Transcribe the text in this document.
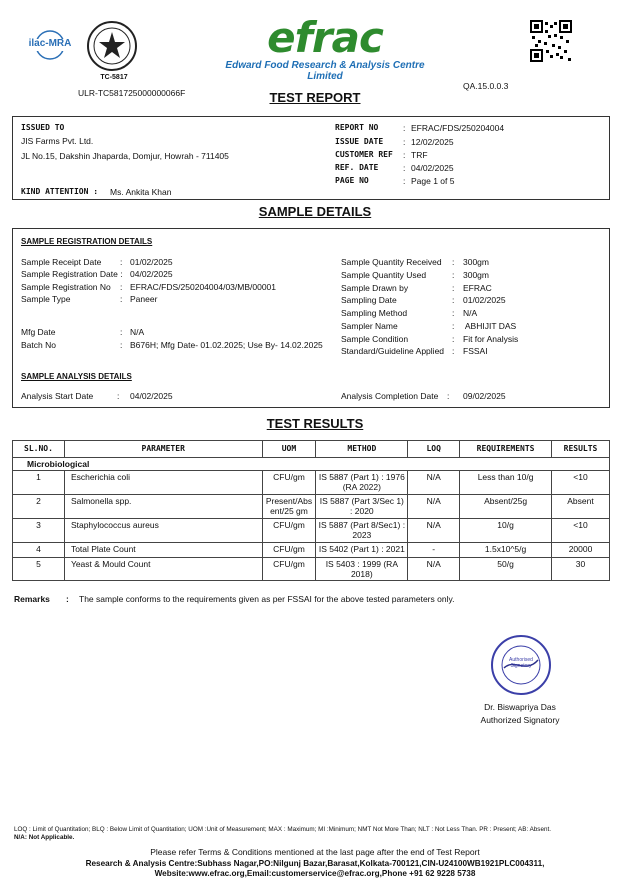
ilac-MRA
TC-5817
ULR-TC581725000000066F
efrac
Edward Food Research & Analysis Centre Limited
QA.15.0.0.3
TEST REPORT
ISSUED TO
JIS Farms Pvt. Ltd.
JL No.15, Dakshin Jhaparda, Domjur, Howrah - 711405
KIND ATTENTION : Ms. Ankita Khan
REPORT NO	: EFRAC/FDS/250204004
ISSUE DATE : 12/02/2025
CUSTOMER REF : TRF
REF. DATE	: 04/02/2025
PAGE NO	: Page 1 of 5
SAMPLE DETAILS
SAMPLE REGISTRATION DETAILS
Sample Receipt Date : 01/02/2025
Sample Registration Date : 04/02/2025
Sample Registration No : EFRAC/FDS/250204004/03/MB/00001
Sample Type	: Paneer
Mfg Date	: N/A
Batch No	: B676H; Mfg Date- 01.02.2025; Use By- 14.02.2025
Sample Quantity Received : 300gm
Sample Quantity Used	: 300gm
Sample Drawn by	: EFRAC
Sampling Date	: 01/02/2025
Sampling Method	: N/A
Sampler Name	: ABHIJIT DAS
Sample Condition	: Fit for Analysis
Standard/Guideline Applied : FSSAI
SAMPLE ANALYSIS DETAILS
Analysis Start Date	: 04/02/2025	Analysis Completion Date : 09/02/2025
TEST RESULTS
SL.NO.	PARAMETER	UOM	METHOD	LOQ	REQUIREMENTS	RESULTS
Microbiological						
1	Escherichia coli	CFU/gm	IS 5887 (Part 1) : 1976 (RA 2022)	N/A	Less than 10/g	<10
2	Salmonella spp.	Present/Absent/25 gm	IS 5887 (Part 3/Sec 1) : 2020	N/A	Absent/25g	Absent
3	Staphylococcus aureus	CFU/gm	IS 5887 (Part 8/Sec1) : 2023	N/A	10/g	<10
4	Total Plate Count	CFU/gm	IS 5402 (Part 1) : 2021	-	1.5x10^5/g	20000
5	Yeast & Mould Count	CFU/gm	IS 5403 : 1999 (RA 2018)	N/A	50/g	30
Remarks : The sample conforms to the requirements given as per FSSAI for the above tested parameters only.
Authorised Signatory
Dr. Biswapriya Das
Authorized Signatory
LOQ : Limit of Quantitation; BLQ : Below Limit of Quantitation; UOM :Unit of Measurement; MAX : Maximum; MI :Minimum; NMT Not More Than; NLT : Not Less Than. PR : Present; AB: Absent.
N/A: Not Applicable.
Please refer Terms & Conditions mentioned at the last page after the end of Test Report
Research & Analysis Centre:Subhass Nagar,PO:Nilgunj Bazar,Barasat,Kolkata-700121,CIN-U24100WB1921PLC004311,
Website:www.efrac.org,Email:customerservice@efrac.org,Phone +91 62 9228 5738
